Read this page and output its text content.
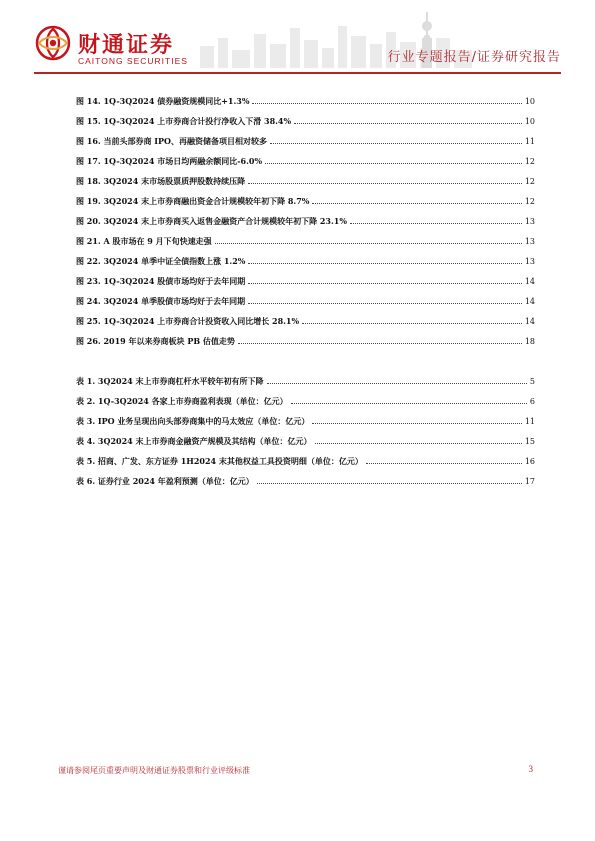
财通证券
CAITONG SECURITIES	行业专题报告/证券研究报告
图 14. 1Q-3Q2024 债券融资规模同比+1.3%	10
图 15. 1Q-3Q2024 上市券商合计投行净收入下滑 38.4%	10
图 16. 当前头部券商 IPO、再融资储备项目相对较多	11
图 17. 1Q-3Q2024 市场日均两融余额同比-6.0%	12
图 18. 3Q2024 末市场股票质押股数持续压降	12
图 19. 3Q2024 末上市券商融出资金合计规模较年初下降 8.7%	12
图 20. 3Q2024 末上市券商买入返售金融资产合计规模较年初下降 23.1%	13
图 21. A 股市场在 9 月下旬快速走强	13
图 22. 3Q2024 单季中证全债指数上涨 1.2%	13
图 23. 1Q-3Q2024 股债市场均好于去年同期	14
图 24. 3Q2024 单季股债市场均好于去年同期	14
图 25. 1Q-3Q2024 上市券商合计投资收入同比增长 28.1%	14
图 26. 2019 年以来券商板块 PB 估值走势	18
表 1. 3Q2024 末上市券商杠杆水平较年初有所下降	5
表 2. 1Q-3Q2024 各家上市券商盈利表现（单位：亿元）	6
表 3. IPO 业务呈现出向头部券商集中的马太效应（单位：亿元）	11
表 4. 3Q2024 末上市券商金融资产规模及其结构（单位：亿元）	15
表 5. 招商、广发、东方证券 1H2024 末其他权益工具投资明细（单位：亿元）	16
表 6. 证券行业 2024 年盈利预测（单位：亿元）	17
谨请参阅尾页重要声明及财通证券股票和行业评级标准	3
